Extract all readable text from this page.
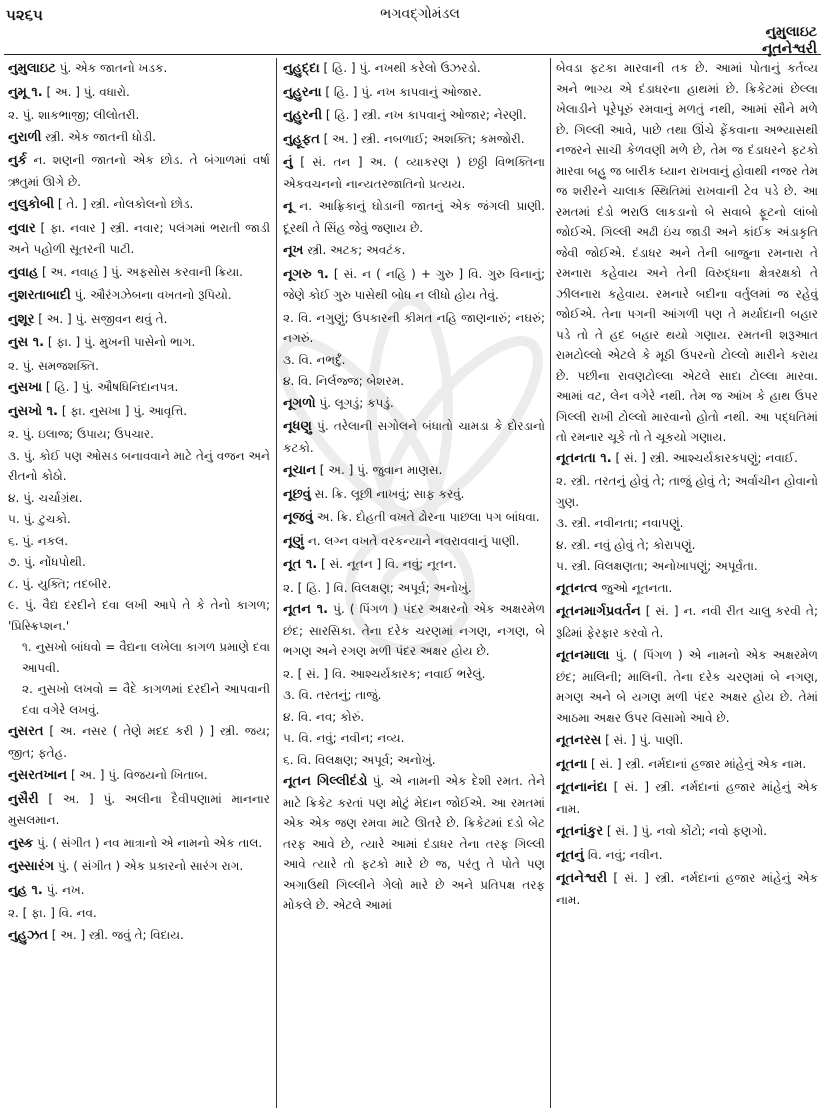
૫૨૬૫	ભગવદ્ગોમંડલ
નુમુલાઇટ
નૂતનેશ્વરી
નુમુલાઇટ પું. એક જાતનો ખડક.
નુમૂ ૧. [ અ. ] પું. વધારો.
૨. પું. શાકભાજી; લીલોતરી.
નુરાળી સ્ત્રી. એક જાતની ધોડી.
નુર્ક ન. શણની જાતનો એક છોડ. તે બંગાળમાં વર્ષા ઋતુમાં ઊગે છે.
નુલુકોબી [ તે. ] સ્ત્રી. નોલકોલનો છોડ.
નુવાર [ ફા. નવાર ] સ્ત્રી. નવાર; પલંગમાં ભરાતી જાડી અને પહોળી સૂતરની પાટી.
નુવાહ [ અ. નવાહ ] પું. અફસોસ કરવાની ક્રિયા.
નુશરતાબાદી પું. ઔરંગઝેબના વખતનો રૂપિયો.
નુશૂર [ અ. ] પું. સજીવન થવું તે.
નુસ ૧. [ ફા. ] પું. મુખની પાસેનો ભાગ.
૨. પું. સમજશક્તિ.
નુસખા [ હિ. ] પું. ઔષધિનિદાનપત્ર.
નુસખો ૧. [ ફા. નુસખા ] પું. આવૃત્તિ.
૨. પું. ઇલાજ; ઉપાય; ઉપચાર.
૩. પું. કોઈ પણ ઓસડ બનાવવાને માટે તેનું વજન અને રીતનો કોઠો.
૪. પું. ચર્ચાગ્રંથ.
૫. પું. ટુચકો.
૬. પું. નકલ.
૭. પું. નોંધપોથી.
૮. પું. યુક્તિ; તદબીર.
૯. પું. વૈદ્ય દરદીને દવા લખી આપે તે કે તેનો કાગળ; 'પ્રિસ્ક્રિપ્શન.'
૧. નુસખો બાંધવો = વૈદ્યના લખેલા કાગળ પ્રમાણે દવા આપવી.
૨. નુસખો લખવો = વૈદે કાગળમાં દરદીને આપવાની દવા વગેરે લખવું.
નુસરત [ અ. નસર ( તેણે મદદ કરી ) ] સ્ત્રી. જય; જીત; ફતેહ.
નુસરતખાન [ અ. ] પું. વિજયનો ખિતાબ.
નુસૈરી [ અ. ] પું. અલીના દૈવીપણામાં માનનાર મુસલમાન.
નુસ્ક પું. ( સંગીત ) નવ માત્રાનો એ નામનો એક તાલ.
નુસ્સારંગ પું. ( સંગીત ) એક પ્રકારનો સારંગ રાગ.
નુહ ૧. પું. નખ.
૨. [ ફા. ] વિ. નવ.
નુહુઝત [ અ. ] સ્ત્રી. જવું તે; વિદાય.
નુહુદ્દા [ હિ. ] પું. નખથી કરેલો ઉઝરડો.
નુહુરના [ હિ. ] પું. નખ કાપવાનું ઓજાર.
નુહુરની [ હિ. ] સ્ત્રી. નખ કાપવાનું ઓજાર; નેરણી.
નુહૂફત [ અ. ] સ્ત્રી. નબળાઈ; અશક્તિ; કમજોરી.
નું [ સં. તન ] અ. ( વ્યાકરણ ) છઠ્ઠી વિભક્તિના એકવચનનો નાન્યતરજાતિનો પ્રત્યય.
નૂ ન. આફ્રિકાનું ઘોડાની જાતનું એક જંગલી પ્રાણી. દૂરથી તે સિંહ જેવું જણાય છે.
નૂખ સ્ત્રી. અટક; અવટંક.
નૂગરુ ૧. [ સં. ન ( નહિ ) + ગુરુ ] વિ. ગુરુ વિનાનું; જેણે કોઈ ગુરુ પાસેથી બોધ ન લીધો હોય તેવું.
૨. વિ. નગુણું; ઉપકારની કીમત નહિ જાણનારું; નઘરું; નગરું.
૩. વિ. નભર્દું.
૪. વિ. નિર્લજ્જ; બેશરમ.
નૂગળો પું. લૂગડું; કપડું.
નૂધણુ પું. તરેલાની સગોલને બંધાતો ચામડા કે દોરડાનો કટકો.
નૂચાન [ અ. ] પું. જુવાન માણસ.
નૂછવું સ. ક્રિ. લૂછી નાખવું; સાફ કરવું.
નૂજવું અ. ક્રિ. દોહતી વખતે ઢોરના પાછલા પગ બાંધવા.
નૂણું ન. લગ્ન વખતે વરકન્યાને નવરાવવાનું પાણી.
નૂત ૧. [ સં. નૂતન ] વિ. નવું; નૂતન.
૨. [ હિ. ] વિ. વિલક્ષણ; અપૂર્વ; અનોખું.
નૂતન ૧. પું. ( પિંગળ ) પંદર અક્ષરનો એક અક્ષરમેળ છંદ; સારસિકા. તેના દરેક ચરણમાં નગણ, નગણ, બે ભગણ અને રગણ મળી પંદર અક્ષર હોય છે.
૨. [ સં. ] વિ. આશ્ચર્યકારક; નવાઈ ભરેલું.
૩. વિ. તરતનું; તાજું.
૪. વિ. નવ; કોરું.
૫. વિ. નવું; નવીન; નવ્ય.
૬. વિ. વિલક્ષણ; અપૂર્વ; અનોખું.
નૂતન ગિલ્લીદંડો પું. એ નામની એક દેશી રમત. તેને માટે ક્રિકેટ કરતાં પણ મોટું મેદાન જોઈએ. આ રમતમાં એક એક જણ રમવા માટે ઊતરે છે. ક્રિકેટમાં દડો બેટ તરફ આવે છે, ત્યારે આમાં દંડાધર તેના તરફ ગિલ્લી આવે ત્યારે તો ફટકો મારે છે જ, પરંતુ તે પોતે પણ અગાઉથી ગિલ્લીને ગેલો મારે છે અને પ્રતિપક્ષ તરફ મોકલે છે. એટલે આમાં
બેવડા ફટકા મારવાની તક છે. આમાં પોતાનું કર્તવ્ય અને ભાગ્ય એ દંડાધરના હાથમાં છે. ક્રિકેટમાં છેલ્લા ખેલાડીને પૂરેપૂરું રમવાનું મળતું નથી, આમાં સૌને મળે છે. ગિલ્લી આવે, પાછે તથા ઊંચે ફેંકવાના અભ્યાસથી નજરને સાચી કેળવણી મળે છે, તેમ જ દંડાધરને ફટકો મારવા બહુ જ બારીક ધ્યાન રાખવાનું હોવાથી નજર તેમ જ શરીરને ચાલાક સ્થિતિમાં રાખવાની ટેવ પડે છે. આ રમતમાં દંડો ભરાઉ લાકડાનો બે સવાબે ફૂટનો લાંબો જોઈએ. ગિલ્લી અઢી ઇંચ જાડી અને કાંઈક અંડાકૃતિ જેવી જોઈએ. દંડાધર અને તેની બાજુના રમનારા તે રમનારા કહેવાય અને તેની વિરુદ્ધના ક્ષેત્રરક્ષકો તે ઝીલનારા કહેવાય. રમનારે બદીના વર્તુલમાં જ રહેવું જોઈએ. તેના પગની આંગળી પણ તે મર્યાદાની બહાર પડે તો તે હદ બહાર થયો ગણાય. રમતની શરૂઆત રામટોલ્લો એટલે કે મૂઠી ઉપરનો ટોલ્લો મારીને કરાય છે. પછીના રાવણટોલ્લા એટલે સાદા ટોલ્લા મારવા. આમાં વટ, લેન વગેરે નથી. તેમ જ આંખ કે હાથ ઉપર ગિલ્લી રાખી ટોલ્લો મારવાનો હોતો નથી. આ પદ્ધતિમાં તો રમનાર ચૂકે તો તે ચૂકયો ગણાય.
નૂતનતા ૧. [ સં. ] સ્ત્રી. આશ્ચર્યકારકપણું; નવાઈ.
૨. સ્ત્રી. તરતનું હોવું તે; તાજું હોવું તે; અર્વાચીન હોવાનો ગુણ.
૩. સ્ત્રી. નવીનતા; નવાપણું.
૪. સ્ત્રી. નવું હોવું તે; કોરાપણું.
૫. સ્ત્રી. વિલક્ષણતા; અનોખાપણું; અપૂર્વતા.
નૂતનત્વ જુઓ નૂતનતા.
નૂતનમાર્ગપ્રવર્તન [ સં. ] ન. નવી રીત ચાલુ કરવી તે; રૂઢિમાં ફેરફાર કરવો તે.
નૂતનમાલા પું. ( પિંગળ ) એ નામનો એક અક્ષરમેળ છંદ; માલિની; માલિની. તેના દરેક ચરણમાં બે નગણ, મગણ અને બે યગણ મળી પંદર અક્ષર હોય છે. તેમાં આઠમા અક્ષર ઉપર વિસામો આવે છે.
નૂતનરસ [ સં. ] પું. પાણી.
નૂતના [ સં. ] સ્ત્રી. નર્મદાનાં હજાર માંહેનું એક નામ.
નૂતનાનંદા [ સં. ] સ્ત્રી. નર્મદાનાં હજાર માંહેનું એક નામ.
નૂતનાંકુર [ સં. ] પું. નવો કોંટો; નવો ફણગો.
નૂતનું વિ. નવું; નવીન.
નૂતનેશ્વરી [ સં. ] સ્ત્રી. નર્મદાનાં હજાર માંહેનું એક નામ.
